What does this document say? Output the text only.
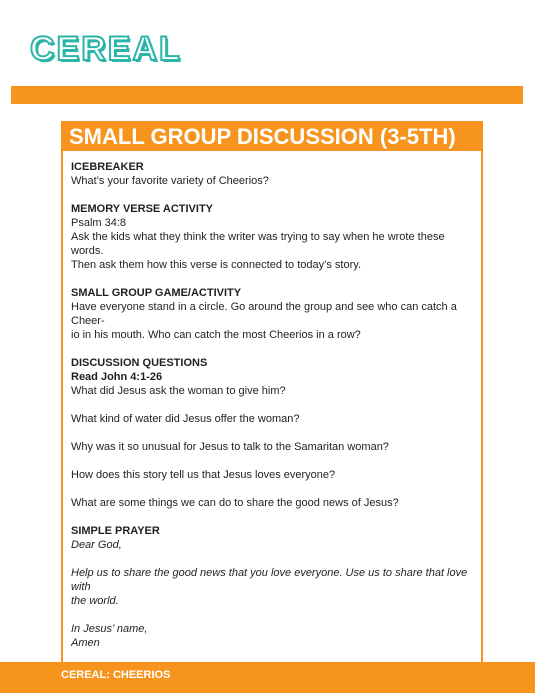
CEREAL
SMALL GROUP DISCUSSION (3-5TH)
ICEBREAKER
What’s your favorite variety of Cheerios?
MEMORY VERSE ACTIVITY
Psalm 34:8
Ask the kids what they think the writer was trying to say when he wrote these words.
Then ask them how this verse is connected to today’s story.
SMALL GROUP GAME/ACTIVITY
Have everyone stand in a circle. Go around the group and see who can catch a Cheer-
io in his mouth. Who can catch the most Cheerios in a row?
DISCUSSION QUESTIONS
Read John 4:1-26
What did Jesus ask the woman to give him?
What kind of water did Jesus offer the woman?
Why was it so unusual for Jesus to talk to the Samaritan woman?
How does this story tell us that Jesus loves everyone?
What are some things we can do to share the good news of Jesus?
SIMPLE PRAYER
Dear God,
Help us to share the good news that you love everyone. Use us to share that love with
the world.
In Jesus’ name,
Amen
CEREAL: CHEERIOS
